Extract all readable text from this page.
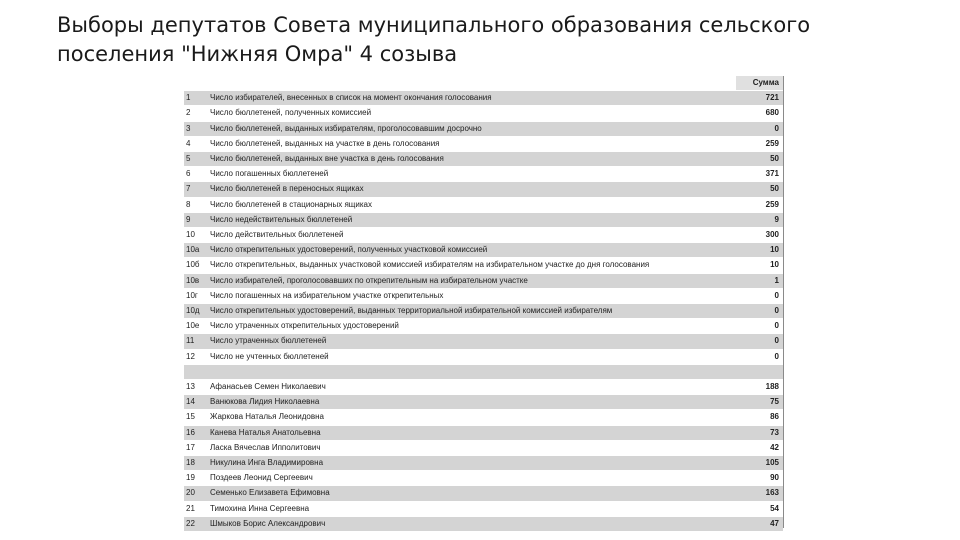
Выборы депутатов Совета муниципального образования сельского
поселения "Нижняя Омра" 4 созыва
		Сумма
1	Число избирателей, внесенных в список на момент окончания голосования	721
2	Число бюллетеней, полученных комиссией	680
3	Число бюллетеней, выданных избирателям, проголосовавшим досрочно	0
4	Число бюллетеней, выданных на участке в день голосования	259
5	Число бюллетеней, выданных вне участка в день голосования	50
6	Число погашенных бюллетеней	371
7	Число бюллетеней в переносных ящиках	50
8	Число бюллетеней в стационарных ящиках	259
9	Число недействительных бюллетеней	9
10	Число действительных бюллетеней	300
10а	Число открепительных удостоверений, полученных участковой комиссией	10
10б	Число открепительных, выданных участковой комиссией избирателям на избирательном участке до дня голосования	10
10в	Число избирателей, проголосовавших по открепительным на избирательном участке	1
10г	Число погашенных на избирательном участке открепительных	0
10д	Число открепительных удостоверений, выданных территориальной избирательной комиссией избирателям	0
10е	Число утраченных открепительных удостоверений	0
11	Число утраченных бюллетеней	0
12	Число не учтенных бюллетеней	0

13	Афанасьев Семен Николаевич	188
14	Ванюкова Лидия Николаевна	75
15	Жаркова Наталья Леонидовна	86
16	Канева Наталья Анатольевна	73
17	Ласка Вячеслав Ипполитович	42
18	Никулина Инга Владимировна	105
19	Поздеев Леонид Сергеевич	90
20	Семенько Елизавета Ефимовна	163
21	Тимохина Инна Сергеевна	54
22	Шмыков Борис Александрович	47
